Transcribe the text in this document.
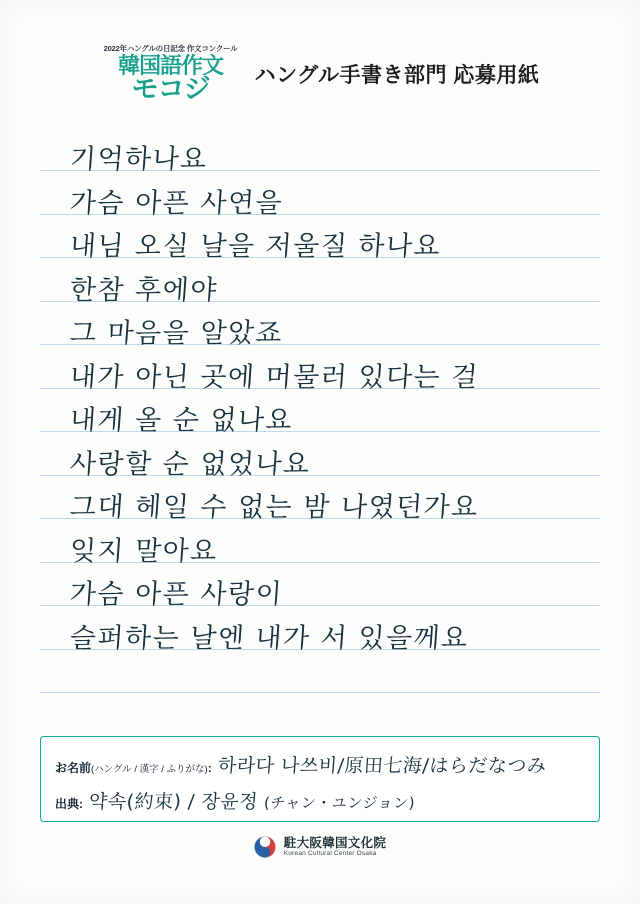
2022年ハングルの日記念 作文コンクール
韓国語作文
モコジ	ハングル手書き部門 応募用紙
기억하나요
가슴 아픈 사연을
내님 오실 날을 저울질 하나요
한참 후에야
그 마음을 알았죠
내가 아닌 곳에 머물러 있다는 걸
내게 올 순 없나요
사랑할 순 없었나요
그대 헤일 수 없는 밤 나였던가요
잊지 말아요
가슴 아픈 사랑이
슬퍼하는 날엔 내가 서 있을께요
お名前(ハングル / 漢字 / ふりがな): 하라다 나쓰비/原田七海/はらだなつみ
出典: 약속(約束) / 장윤정 (チャン・ユンジョン)
駐大阪韓国文化院
Korean Cultural Center Osaka
